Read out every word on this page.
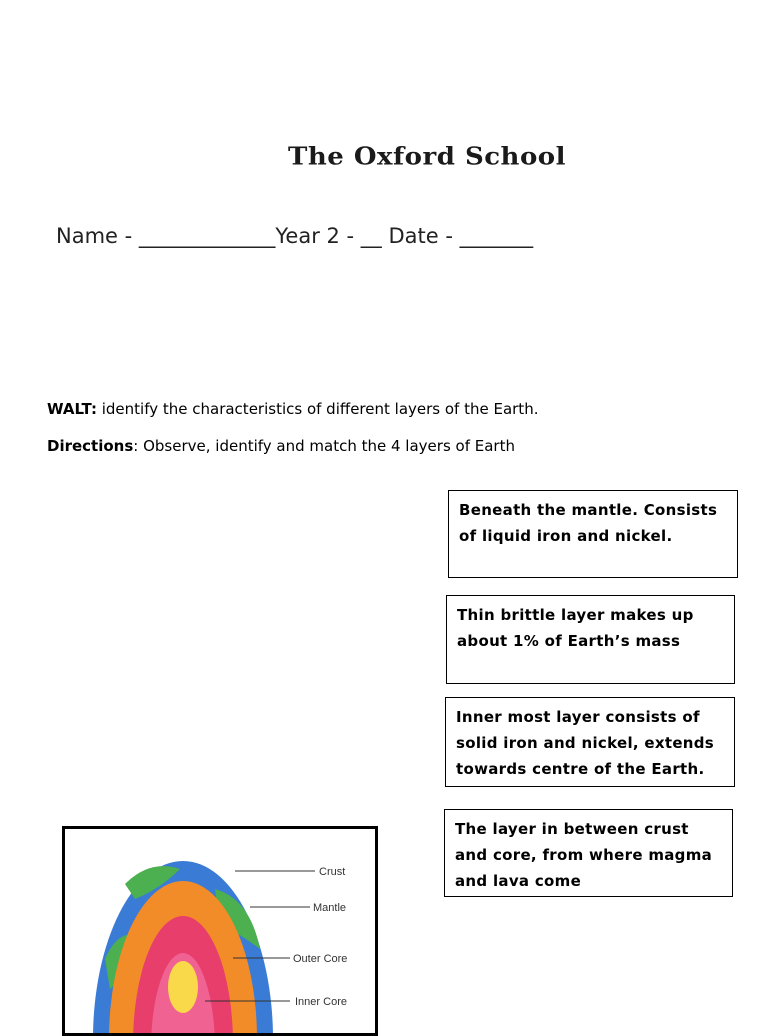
The Oxford School
Name - _____________Year 2 - __ Date - _______
WALT: identify the characteristics of different layers of the Earth.
Directions: Observe, identify and match the 4 layers of Earth
Beneath the mantle. Consists of liquid iron and nickel.
Thin brittle layer makes up about 1% of Earth’s mass
Inner most layer consists of solid iron and nickel, extends towards centre of the Earth.
The layer in between crust and core, from where magma and lava come
Crust
Mantle
Outer Core
Inner Core
